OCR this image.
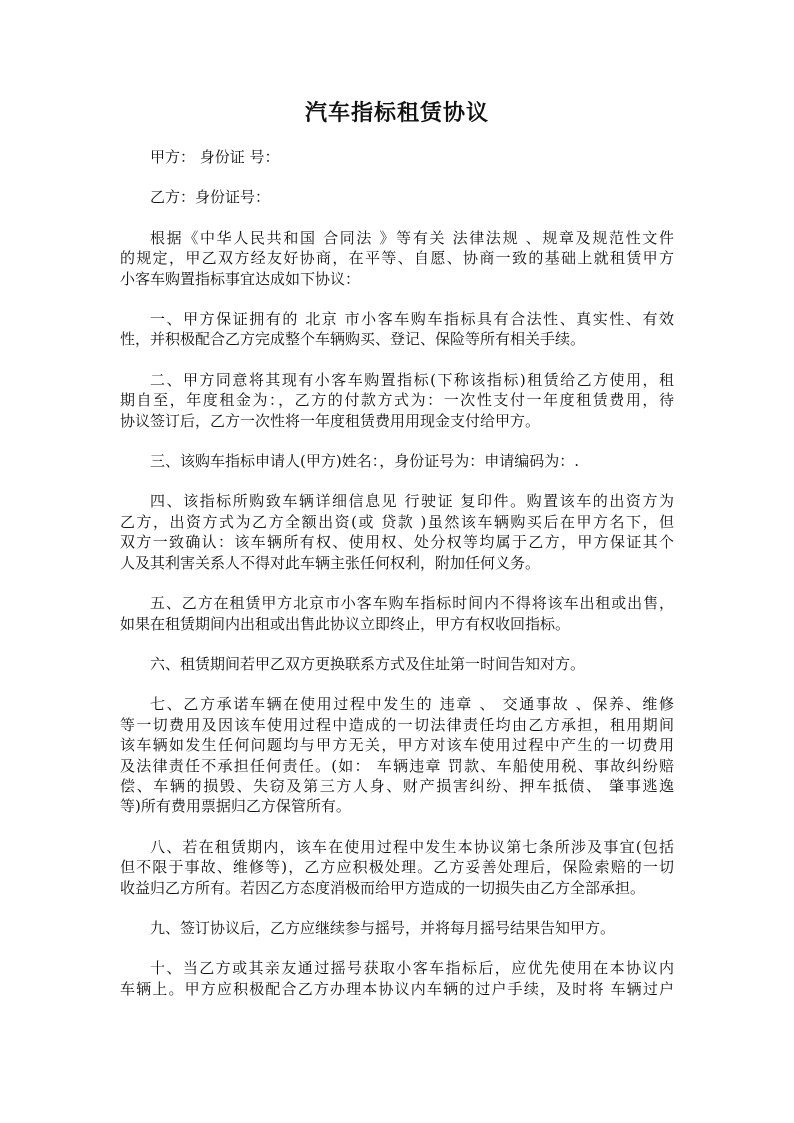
汽车指标租赁协议
甲方： 身份证 号：
乙方：身份证号：
根据《中华人民共和国 合同法 》等有关 法律法规 、规章及规范性文件
的规定，甲乙双方经友好协商，在平等、自愿、协商一致的基础上就租赁甲方
小客车购置指标事宜达成如下协议：
一、甲方保证拥有的 北京 市小客车购车指标具有合法性、真实性、有效
性，并积极配合乙方完成整个车辆购买、登记、保险等所有相关手续。
二、甲方同意将其现有小客车购置指标(下称该指标)租赁给乙方使用，租
期自至，年度租金为：，乙方的付款方式为：一次性支付一年度租赁费用，待
协议签订后，乙方一次性将一年度租赁费用用现金支付给甲方。
三、该购车指标申请人(甲方)姓名：，身份证号为：申请编码为：.
四、该指标所购致车辆详细信息见 行驶证 复印件。购置该车的出资方为
乙方，出资方式为乙方全额出资(或 贷款 )虽然该车辆购买后在甲方名下，但
双方一致确认：该车辆所有权、使用权、处分权等均属于乙方，甲方保证其个
人及其利害关系人不得对此车辆主张任何权利，附加任何义务。
五、乙方在租赁甲方北京市小客车购车指标时间内不得将该车出租或出售，
如果在租赁期间内出租或出售此协议立即终止，甲方有权收回指标。
六、租赁期间若甲乙双方更换联系方式及住址第一时间告知对方。
七、乙方承诺车辆在使用过程中发生的 违章 、 交通事故 、保养、维修
等一切费用及因该车使用过程中造成的一切法律责任均由乙方承担，租用期间
该车辆如发生任何问题均与甲方无关，甲方对该车使用过程中产生的一切费用
及法律责任不承担任何责任。(如： 车辆违章 罚款、车船使用税、事故纠纷赔
偿、车辆的损毁、失窃及第三方人身、财产损害纠纷、押车抵债、 肇事逃逸
等)所有费用票据归乙方保管所有。
八、若在租赁期内，该车在使用过程中发生本协议第七条所涉及事宜(包括
但不限于事故、维修等)，乙方应积极处理。乙方妥善处理后，保险索赔的一切
收益归乙方所有。若因乙方态度消极而给甲方造成的一切损失由乙方全部承担。
九、签订协议后，乙方应继续参与摇号，并将每月摇号结果告知甲方。
十、当乙方或其亲友通过摇号获取小客车指标后，应优先使用在本协议内
车辆上。甲方应积极配合乙方办理本协议内车辆的过户手续，及时将 车辆过户
